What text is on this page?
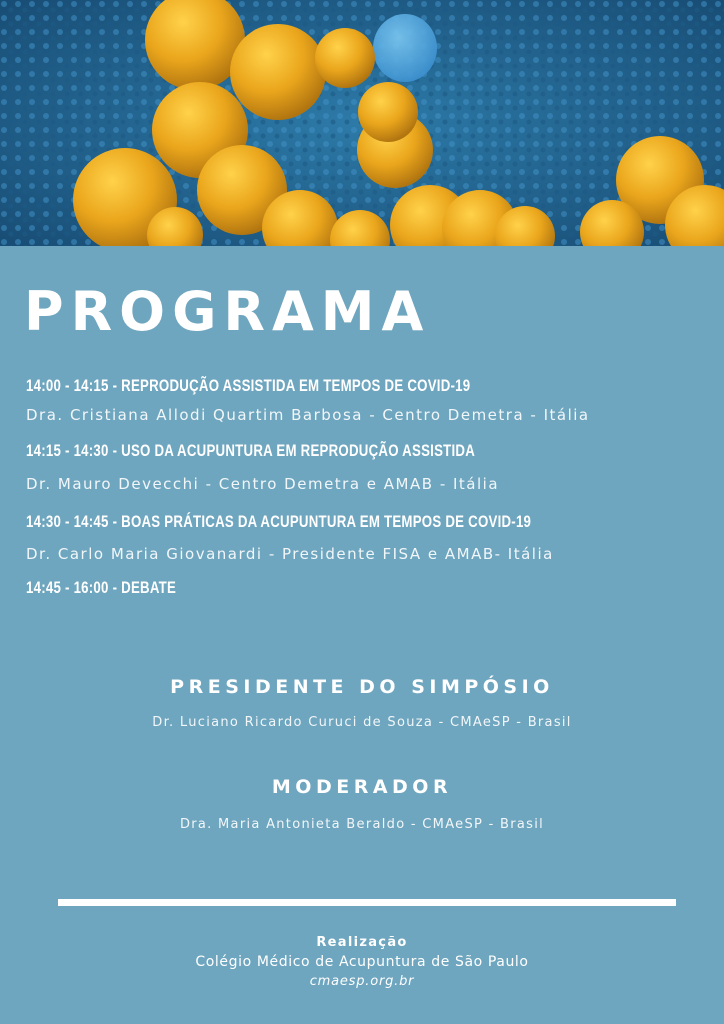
PROGRAMA
14:00 - 14:15 - REPRODUÇÃO ASSISTIDA EM TEMPOS DE COVID-19
Dra. Cristiana Allodi Quartim Barbosa - Centro Demetra - Itália
14:15 - 14:30 - USO DA ACUPUNTURA EM REPRODUÇÃO ASSISTIDA
Dr. Mauro Devecchi - Centro Demetra e AMAB - Itália
14:30 - 14:45 - BOAS PRÁTICAS DA ACUPUNTURA EM TEMPOS DE COVID-19
Dr. Carlo Maria Giovanardi - Presidente FISA e AMAB- Itália
14:45 - 16:00 - DEBATE
PRESIDENTE DO SIMPÓSIO
Dr. Luciano Ricardo Curuci de Souza - CMAeSP - Brasil
MODERADOR
Dra. Maria Antonieta Beraldo - CMAeSP - Brasil
Realização
Colégio Médico de Acupuntura de São Paulo
cmaesp.org.br
